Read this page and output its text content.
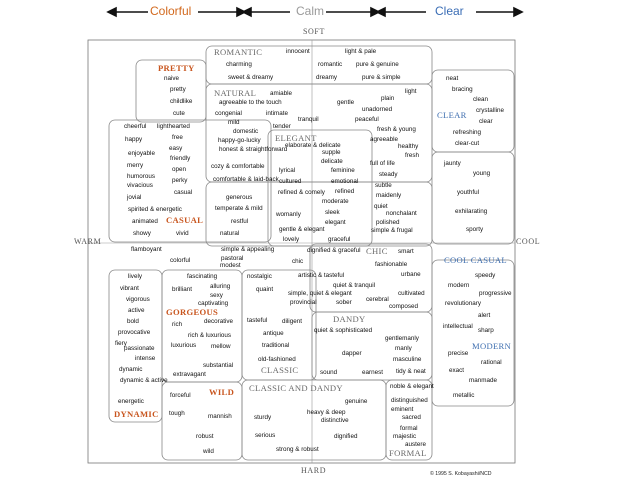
Colorful	Calm	Clear
SOFT
HARD
WARM	COOL
PRETTY
ROMANTIC
NATURAL
CLEAR
ELEGANT
CASUAL
CHIC
COOL CASUAL
GORGEOUS
DANDY
MODERN
CLASSIC
WILD CLASSIC AND DANDY
DYNAMIC
FORMAL
innocent	light & pale
charming	romantic pure & genuine
sweet & dreamy	dreamy	pure & simple
naive
pretty
childlike
cute
amiable
agreeable to the touch	gentle
plain
light
unadorned
congenial	intimate
mild	tranquil	peaceful
domestic
tender
happy-go-lucky
fresh & young
agreeable
healthy
fresh
neat
bracing
clean
crystalline
clear
refreshing
clear-cut
cheerful lighthearted
happy	free
easy
enjoyable
friendly
merry
open
humorous
perky
vivacious
casual
jovial
spirited & energetic
animated
showy	vivid
honest & straightforward
cozy & comfortable
comfortable & laid-back
generous
temperate & mild
restful
natural
elaborate & delicate
supple
delicate
feminine
lyrical
cultured	emotional
refined & comely refined
moderate
womanly	sleek
elegant
gentle & elegant
lovely	graceful
full of life
steady
subtle
maidenly
quiet
nonchalant
polished
simple & frugal
jaunty
young
youthful
exhilarating
sporty
flamboyant
colorful
simple & appealing
pastoral
modest
dignified & graceful
chic
smart
fashionable
lively
vibrant
vigorous
active
bold
provocative
fiery
passionate
intense
dynamic
dynamic & active
energetic
fascinating
brilliant	alluring
sexy
captivating
rich	decorative
rich & luxurious
luxurious mellow
substantial
extravagant
nostalgic
quaint
artistic & tasteful
quiet & tranquil
urbane
simple, quiet & elegant	cultivated
provincial	sober cerebral
composed
speedy
modern
progressive
revolutionary
alert
intellectual
sharp
precise
rational
exact
manmade
metallic
tasteful diligent
antique
traditional
old-fashioned
quiet & sophisticated
gentlemanly
manly
dapper
masculine
sound	earnest tidy & neat
forceful
tough	mannish
robust
wild
genuine
heavy & deep
distinctive
sturdy
serious	dignified
strong & robust
noble & elegant
distinguished
eminent
sacred
formal
majestic
austere
© 1995 S. Kobayashi/NCD
